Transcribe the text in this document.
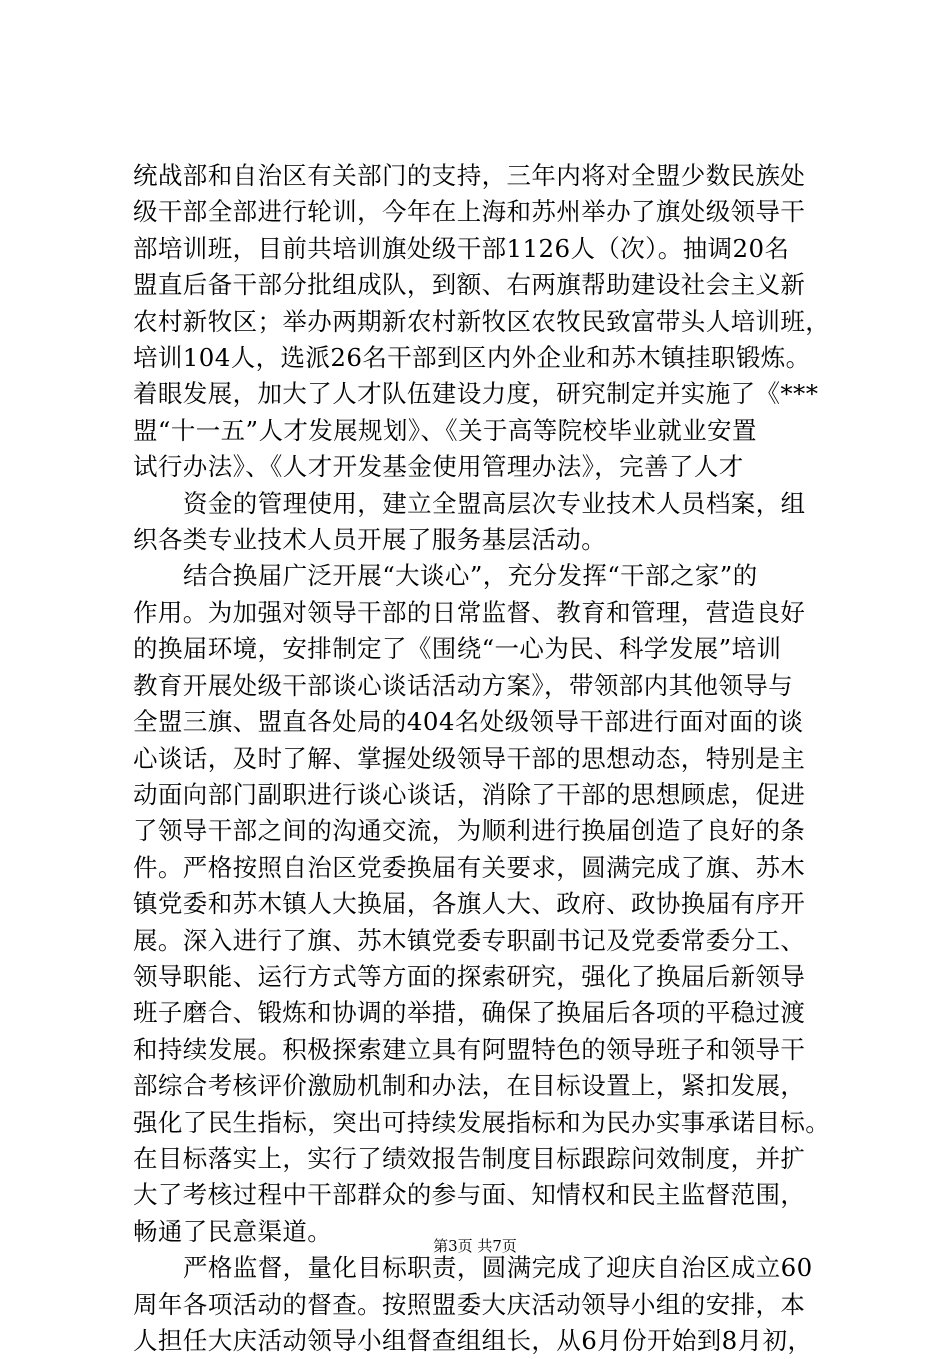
统战部和自治区有关部门的支持，三年内将对全盟少数民族处
级干部全部进行轮训，今年在上海和苏州举办了旗处级领导干
部培训班，目前共培训旗处级干部1126人（次）。抽调20名
盟直后备干部分批组成队，到额、右两旗帮助建设社会主义新
农村新牧区；举办两期新农村新牧区农牧民致富带头人培训班，
培训104人，选派26名干部到区内外企业和苏木镇挂职锻炼。
着眼发展，加大了人才队伍建设力度，研究制定并实施了《***
盟“十一五”人才发展规划》、《关于高等院校毕业就业安置
试行办法》、《人才开发基金使用管理办法》，完善了人才
资金的管理使用，建立全盟高层次专业技术人员档案，组
织各类专业技术人员开展了服务基层活动。
结合换届广泛开展“大谈心”，充分发挥“干部之家”的
作用。为加强对领导干部的日常监督、教育和管理，营造良好
的换届环境，安排制定了《围绕“一心为民、科学发展”培训
教育开展处级干部谈心谈话活动方案》，带领部内其他领导与
全盟三旗、盟直各处局的404名处级领导干部进行面对面的谈
心谈话，及时了解、掌握处级领导干部的思想动态，特别是主
动面向部门副职进行谈心谈话，消除了干部的思想顾虑，促进
了领导干部之间的沟通交流，为顺利进行换届创造了良好的条
件。严格按照自治区党委换届有关要求，圆满完成了旗、苏木
镇党委和苏木镇人大换届，各旗人大、政府、政协换届有序开
展。深入进行了旗、苏木镇党委专职副书记及党委常委分工、
领导职能、运行方式等方面的探索研究，强化了换届后新领导
班子磨合、锻炼和协调的举措，确保了换届后各项的平稳过渡
和持续发展。积极探索建立具有阿盟特色的领导班子和领导干
部综合考核评价激励机制和办法，在目标设置上，紧扣发展，
强化了民生指标，突出可持续发展指标和为民办实事承诺目标。
在目标落实上，实行了绩效报告制度目标跟踪问效制度，并扩
大了考核过程中干部群众的参与面、知情权和民主监督范围，
畅通了民意渠道。
严格监督，量化目标职责，圆满完成了迎庆自治区成立60
周年各项活动的督查。按照盟委大庆活动领导小组的安排，本
人担任大庆活动领导小组督查组组长，从6月份开始到8月初，
第3页 共7页
